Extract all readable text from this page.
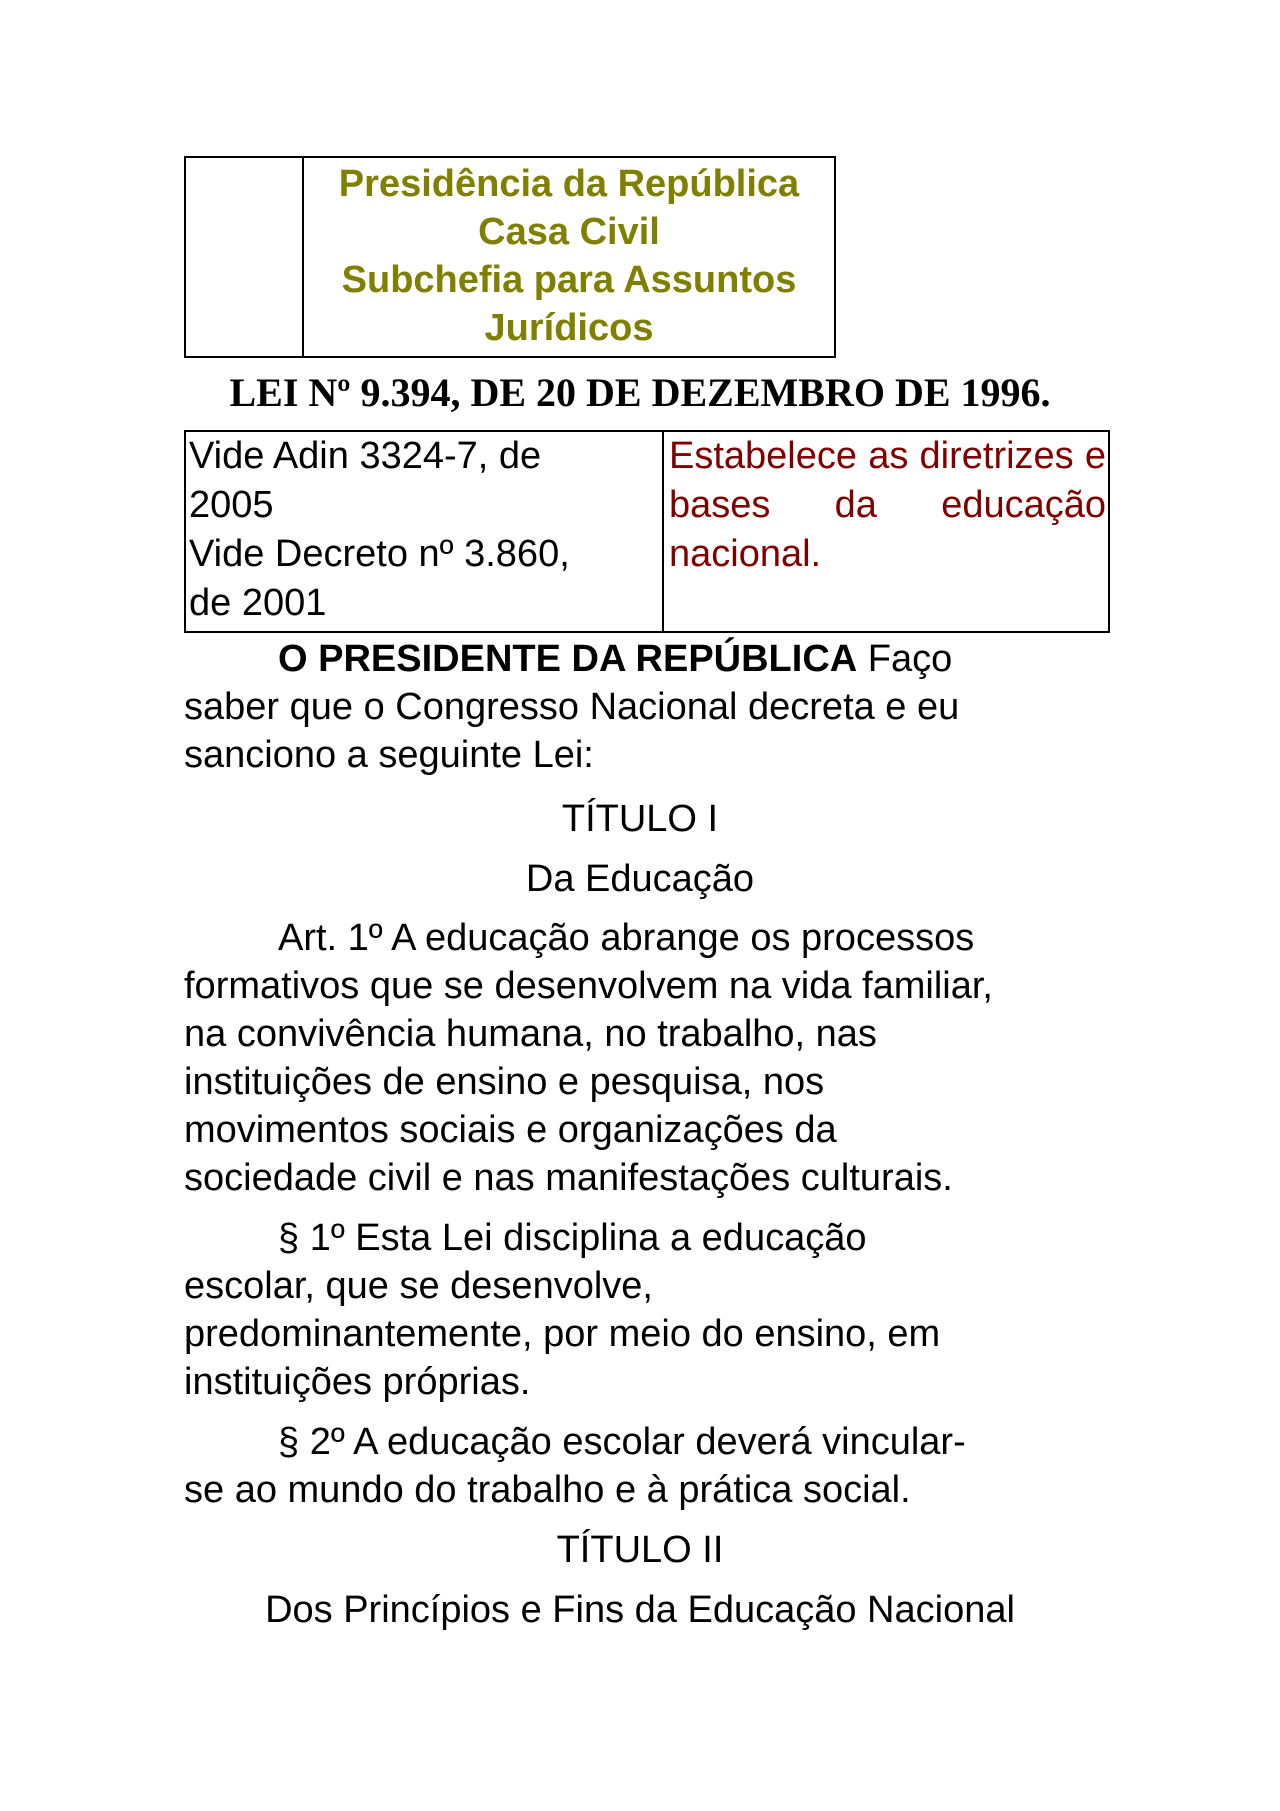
Presidência da República
Casa Civil
Subchefia para Assuntos
Jurídicos
LEI Nº 9.394, DE 20 DE DEZEMBRO DE 1996.
Vide Adin 3324-7, de
2005
Vide Decreto nº 3.860,
de 2001
Estabelece as diretrizes e bases da educação nacional.
O PRESIDENTE DA REPÚBLICA Faço
saber que o Congresso Nacional decreta e eu
sanciono a seguinte Lei:
TÍTULO I
Da Educação
Art. 1º A educação abrange os processos
formativos que se desenvolvem na vida familiar,
na convivência humana, no trabalho, nas
instituições de ensino e pesquisa, nos
movimentos sociais e organizações da
sociedade civil e nas manifestações culturais.
§ 1º Esta Lei disciplina a educação
escolar, que se desenvolve,
predominantemente, por meio do ensino, em
instituições próprias.
§ 2º A educação escolar deverá vincular-
se ao mundo do trabalho e à prática social.
TÍTULO II
Dos Princípios e Fins da Educação Nacional
